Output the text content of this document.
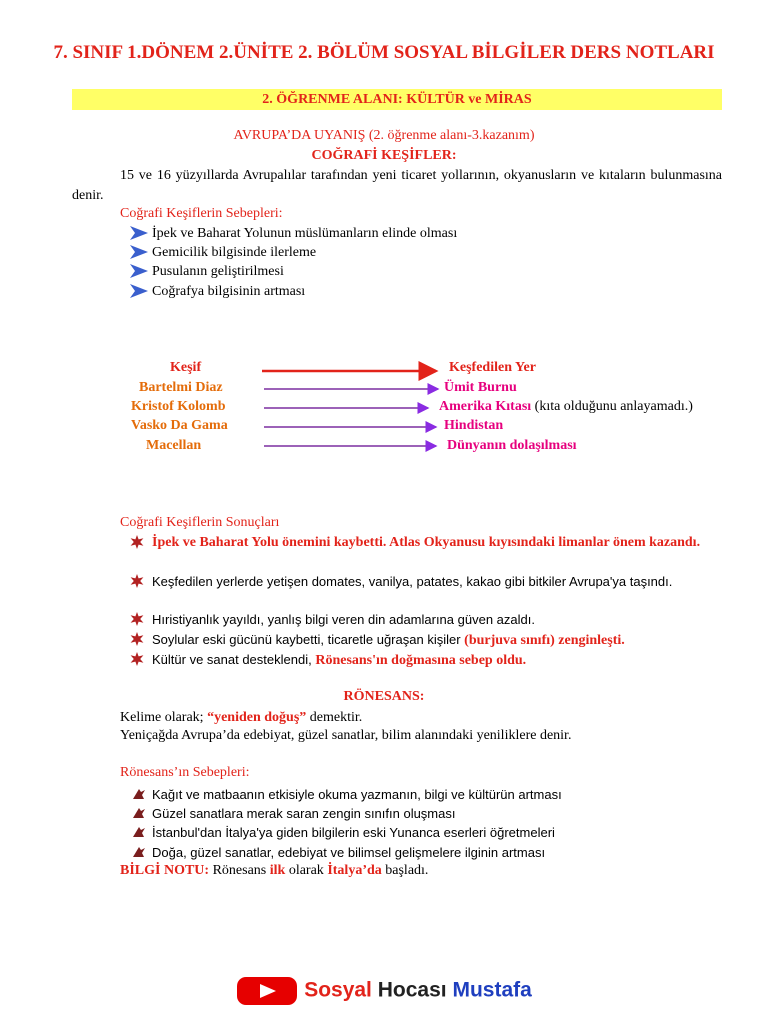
7. SINIF 1.DÖNEM 2.ÜNİTE 2. BÖLÜM SOSYAL BİLGİLER DERS NOTLARI
2. ÖĞRENME ALANI: KÜLTÜR ve MİRAS
AVRUPA’DA UYANIŞ (2. öğrenme alanı-3.kazanım)
COĞRAFİ KEŞİFLER:
15 ve 16 yüzyıllarda Avrupalılar tarafından yeni ticaret yollarının, okyanusların ve kıtaların bulunmasına denir.
Coğrafi Keşiflerin Sebepleri:
İpek ve Baharat Yolunun müslümanların elinde olması
Gemicilik bilgisinde ilerleme
Pusulanın geliştirilmesi
Coğrafya bilgisinin artması
Keşif	Keşfedilen Yer
Bartelmi Diaz	Ümit Burnu
Kristof Kolomb	Amerika Kıtası (kıta olduğunu anlayamadı.)
Vasko Da Gama	Hindistan
Macellan	Dünyanın dolaşılması
Coğrafi Keşiflerin Sonuçları
İpek ve Baharat Yolu önemini kaybetti. Atlas Okyanusu kıyısındaki limanlar önem kazandı.
Keşfedilen yerlerde yetişen domates, vanilya, patates, kakao gibi bitkiler Avrupa'ya taşındı.
Hıristiyanlık yayıldı, yanlış bilgi veren din adamlarına güven azaldı.
Soylular eski gücünü kaybetti, ticaretle uğraşan kişiler (burjuva sınıfı) zenginleşti.
Kültür ve sanat desteklendi, Rönesans'ın doğmasına sebep oldu.
RÖNESANS:
Kelime olarak; “yeniden doğuş” demektir.
Yeniçağda Avrupa’da edebiyat, güzel sanatlar, bilim alanındaki yeniliklere denir.
Rönesans’ın Sebepleri:
Kağıt ve matbaanın etkisiyle okuma yazmanın, bilgi ve kültürün artması
Güzel sanatlara merak saran zengin sınıfın oluşması
İstanbul'dan İtalya'ya giden bilgilerin eski Yunanca eserleri öğretmeleri
Doğa, güzel sanatlar, edebiyat ve bilimsel gelişmelere ilginin artması
BİLGİ NOTU: Rönesans ilk olarak İtalya’da başladı.
Sosyal Hocası Mustafa
